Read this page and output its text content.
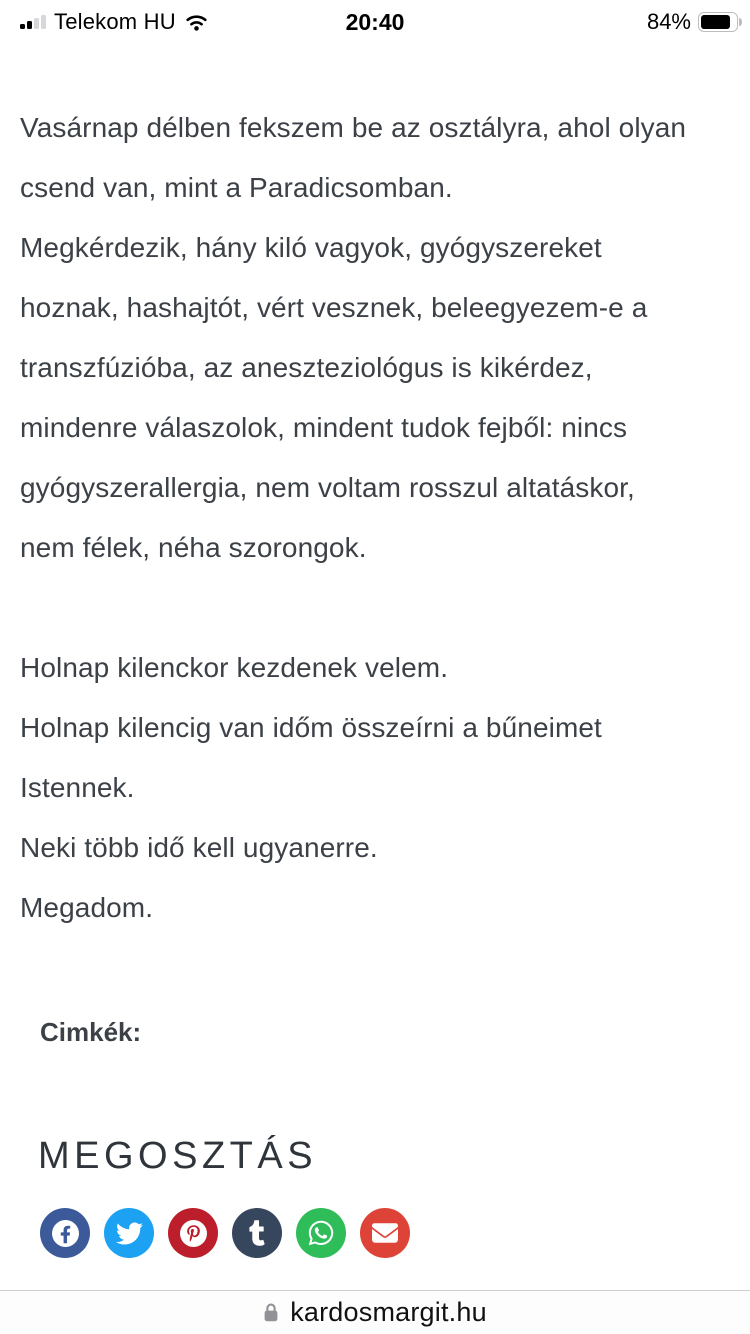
Telekom HU	20:40	84%
Vasárnap délben fekszem be az osztályra, ahol olyan
csend van, mint a Paradicsomban.
Megkérdezik, hány kiló vagyok, gyógyszereket
hoznak, hashajtót, vért vesznek, beleegyezem-e a
transzfúzióba, az aneszteziológus is kikérdez,
mindenre válaszolok, mindent tudok fejből: nincs
gyógyszerallergia, nem voltam rosszul altatáskor,
nem félek, néha szorongok.
Holnap kilenckor kezdenek velem.
Holnap kilencig van időm összeírni a bűneimet
Istennek.
Neki több idő kell ugyanerre.
Megadom.
Cimkék:
MEGOSZTÁS
kardosmargit.hu
